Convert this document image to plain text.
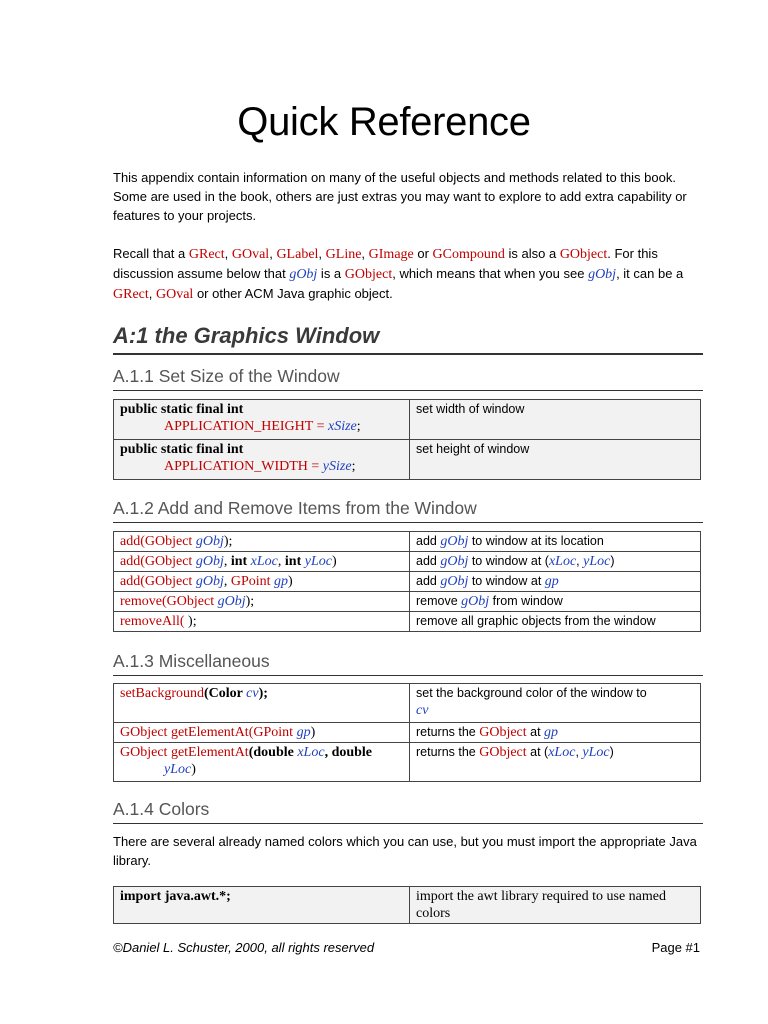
Quick Reference

This appendix contain information on many of the useful objects and methods related to this book. Some are used in the book, others are just extras you may want to explore to add extra capability or features to your projects.

Recall that a GRect, GOval, GLabel, GLine, GImage or GCompound is also a GObject. For this discussion assume below that gObj is a GObject, which means that when you see gObj, it can be a GRect, GOval or other ACM Java graphic object.

A:1 the Graphics Window
A.1.1 Set Size of the Window
public static final int
APPLICATION_HEIGHT = xSize;	set width of window
public static final int
APPLICATION_WIDTH = ySize;	set height of window
A.1.2 Add and Remove Items from the Window
add(GObject gObj);	add gObj to window at its location
add(GObject gObj, int xLoc, int yLoc)	add gObj to window at (xLoc, yLoc)
add(GObject gObj, GPoint gp)	add gObj to window at gp
remove(GObject gObj);	remove gObj from window
removeAll( );	remove all graphic objects from the window
A.1.3 Miscellaneous
setBackground(Color cv);	set the background color of the window to
cv
GObject getElementAt(GPoint gp)	returns the GObject at gp
GObject getElementAt(double xLoc, double
yLoc)	returns the GObject at (xLoc, yLoc)
A.1.4 Colors

There are several already named colors which you can use, but you must import the appropriate Java library.

import java.awt.*;	import the awt library required to use named colors
©Daniel L. Schuster, 2000, all rights reserved	Page #1
